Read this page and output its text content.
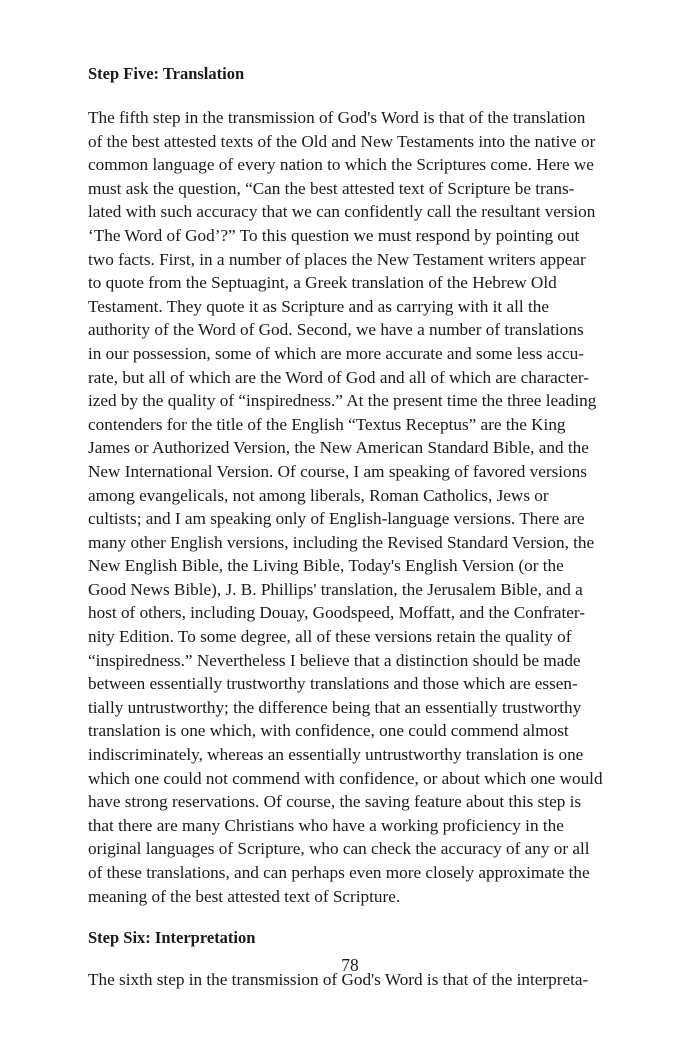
Step Five: Translation

The fifth step in the transmission of God's Word is that of the translation
of the best attested texts of the Old and New Testaments into the native or
common language of every nation to which the Scriptures come. Here we
must ask the question, “Can the best attested text of Scripture be trans-
lated with such accuracy that we can confidently call the resultant version
‘The Word of God’?” To this question we must respond by pointing out
two facts. First, in a number of places the New Testament writers appear
to quote from the Septuagint, a Greek translation of the Hebrew Old
Testament. They quote it as Scripture and as carrying with it all the
authority of the Word of God. Second, we have a number of translations
in our possession, some of which are more accurate and some less accu-
rate, but all of which are the Word of God and all of which are character-
ized by the quality of “inspiredness.” At the present time the three leading
contenders for the title of the English “Textus Receptus” are the King
James or Authorized Version, the New American Standard Bible, and the
New International Version. Of course, I am speaking of favored versions
among evangelicals, not among liberals, Roman Catholics, Jews or
cultists; and I am speaking only of English-language versions. There are
many other English versions, including the Revised Standard Version, the
New English Bible, the Living Bible, Today's English Version (or the
Good News Bible), J. B. Phillips' translation, the Jerusalem Bible, and a
host of others, including Douay, Goodspeed, Moffatt, and the Confrater-
nity Edition. To some degree, all of these versions retain the quality of
“inspiredness.” Nevertheless I believe that a distinction should be made
between essentially trustworthy translations and those which are essen-
tially untrustworthy; the difference being that an essentially trustworthy
translation is one which, with confidence, one could commend almost
indiscriminately, whereas an essentially untrustworthy translation is one
which one could not commend with confidence, or about which one would
have strong reservations. Of course, the saving feature about this step is
that there are many Christians who have a working proficiency in the
original languages of Scripture, who can check the accuracy of any or all
of these translations, and can perhaps even more closely approximate the
meaning of the best attested text of Scripture.

Step Six: Interpretation

The sixth step in the transmission of God's Word is that of the interpreta-

78
